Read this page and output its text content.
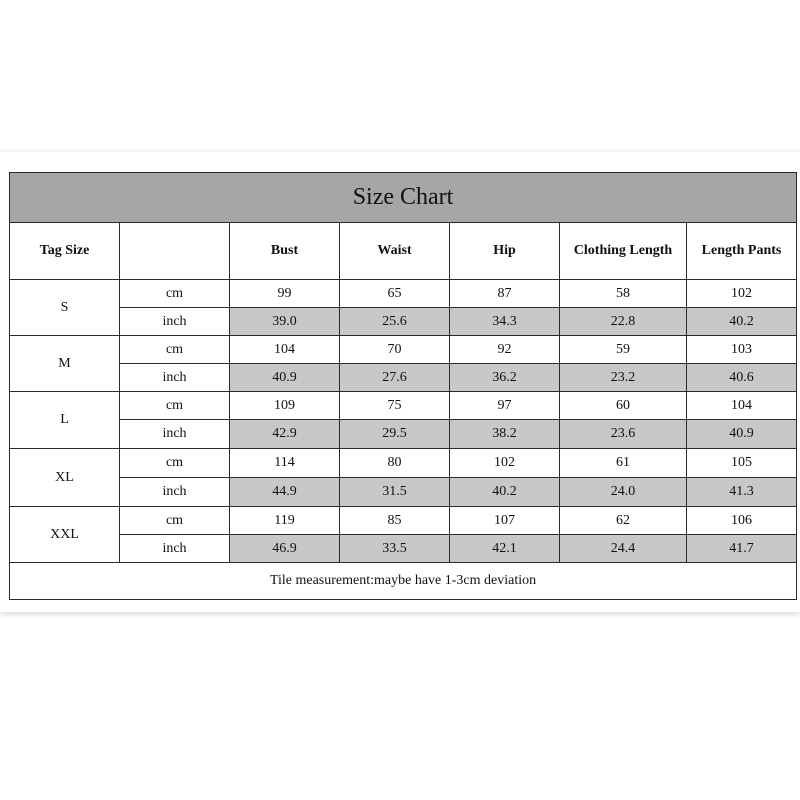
Size Chart						
Tag Size		Bust	Waist	Hip	Clothing Length	Length Pants
S	cm	99	65	87	58	102
	inch	39.0	25.6	34.3	22.8	40.2
M	cm	104	70	92	59	103
	inch	40.9	27.6	36.2	23.2	40.6
L	cm	109	75	97	60	104
	inch	42.9	29.5	38.2	23.6	40.9
XL	cm	114	80	102	61	105
	inch	44.9	31.5	40.2	24.0	41.3
XXL	cm	119	85	107	62	106
	inch	46.9	33.5	42.1	24.4	41.7
Tile measurement:maybe have 1-3cm deviation						
